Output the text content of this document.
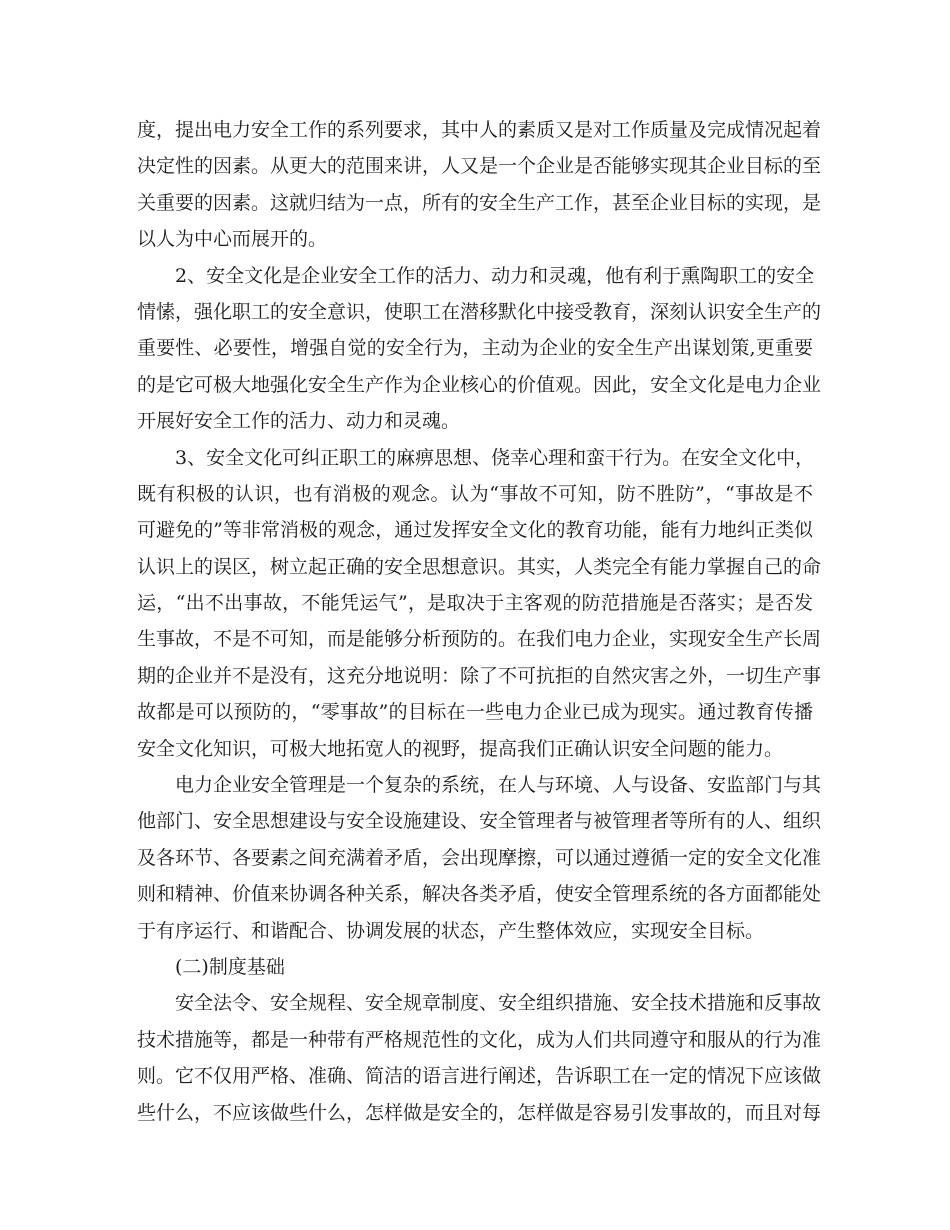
度，提出电力安全工作的系列要求，其中人的素质又是对工作质量及完成情况起着
决定性的因素。从更大的范围来讲，人又是一个企业是否能够实现其企业目标的至
关重要的因素。这就归结为一点，所有的安全生产工作，甚至企业目标的实现，是
以人为中心而展开的。
2、安全文化是企业安全工作的活力、动力和灵魂，他有利于熏陶职工的安全
情愫，强化职工的安全意识，使职工在潜移默化中接受教育，深刻认识安全生产的
重要性、必要性，增强自觉的安全行为，主动为企业的安全生产出谋划策,更重要
的是它可极大地强化安全生产作为企业核心的价值观。因此，安全文化是电力企业
开展好安全工作的活力、动力和灵魂。
3、安全文化可纠正职工的麻痹思想、侥幸心理和蛮干行为。在安全文化中，
既有积极的认识，也有消极的观念。认为“事故不可知，防不胜防”，“事故是不
可避免的”等非常消极的观念，通过发挥安全文化的教育功能，能有力地纠正类似
认识上的误区，树立起正确的安全思想意识。其实，人类完全有能力掌握自己的命
运，“出不出事故，不能凭运气”，是取决于主客观的防范措施是否落实；是否发
生事故，不是不可知，而是能够分析预防的。在我们电力企业，实现安全生产长周
期的企业并不是没有，这充分地说明：除了不可抗拒的自然灾害之外，一切生产事
故都是可以预防的，“零事故”的目标在一些电力企业已成为现实。通过教育传播
安全文化知识，可极大地拓宽人的视野，提高我们正确认识安全问题的能力。
电力企业安全管理是一个复杂的系统，在人与环境、人与设备、安监部门与其
他部门、安全思想建设与安全设施建设、安全管理者与被管理者等所有的人、组织
及各环节、各要素之间充满着矛盾，会出现摩擦，可以通过遵循一定的安全文化准
则和精神、价值来协调各种关系，解决各类矛盾，使安全管理系统的各方面都能处
于有序运行、和谐配合、协调发展的状态，产生整体效应，实现安全目标。
(二)制度基础
安全法令、安全规程、安全规章制度、安全组织措施、安全技术措施和反事故
技术措施等，都是一种带有严格规范性的文化，成为人们共同遵守和服从的行为准
则。它不仅用严格、准确、简洁的语言进行阐述，告诉职工在一定的情况下应该做
些什么，不应该做些什么，怎样做是安全的，怎样做是容易引发事故的，而且对每
